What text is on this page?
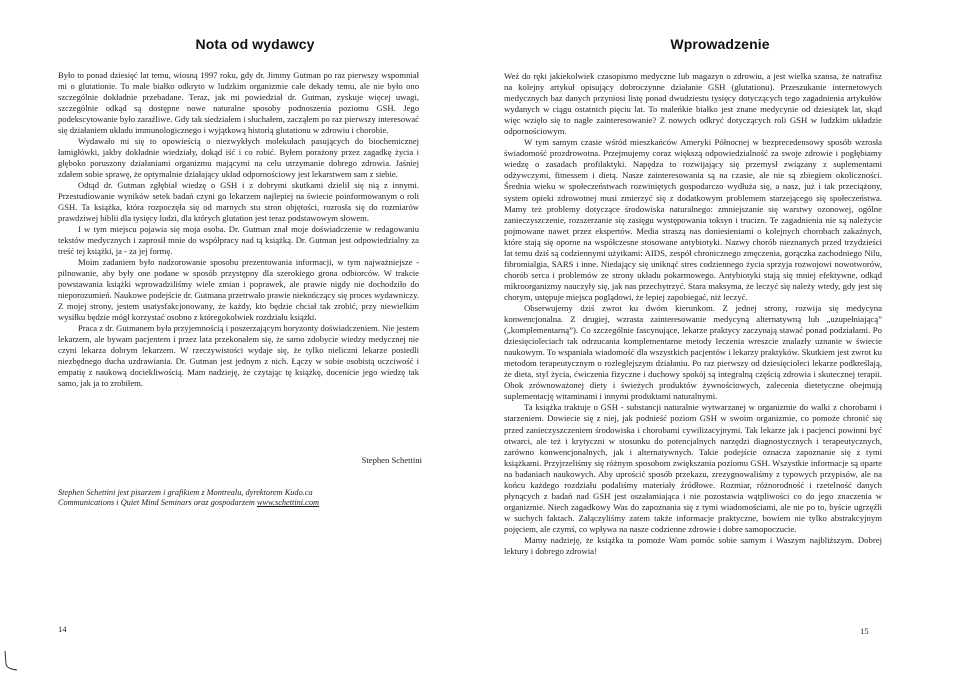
Nota od wydawcy

Było to ponad dziesięć lat temu, wiosną 1997 roku, gdy dr. Jimmy Gutman po raz pierwszy wspomniał mi o glutationie. To małe białko odkryto w ludzkim organizmie całe dekady temu, ale nie było ono szczególnie dokładnie przebadane. Teraz, jak mi powiedział dr. Gutman, zyskuje więcej uwagi, szczególnie odkąd są dostępne nowe naturalne sposoby podnoszenia poziomu GSH. Jego podekscytowanie było zaraźliwe. Gdy tak siedziałem i słuchałem, zacząłem po raz pierwszy interesować się działaniem układu immunologicznego i wyjątkową historią glutationu w zdrowiu i chorobie.

Wydawało mi się to opowieścią o niezwykłych molekułach pasujących do biochemicznej łamigłówki, jakby dokładnie wiedziały, dokąd iść i co robić. Byłem porażony przez zagadkę życia i głęboko poruszony działaniami organizmu mającymi na celu utrzymanie dobrego zdrowia. Jaśniej zdałem sobie sprawę, że optymalnie działający układ odpornościowy jest lekarstwem sam z siebie.

Odtąd dr. Gutman zgłębiał wiedzę o GSH i z dobrymi skutkami dzielił się nią z innymi. Przestudiowanie wyników setek badań czyni go lekarzem najlepiej na świecie poinformowanym o roli GSH. Ta książka, która rozpoczęła się od marnych stu stron objętości, rozrosła się do rozmiarów prawdziwej biblii dla tysięcy ludzi, dla których glutation jest teraz podstawowym słowem.

I w tym miejscu pojawia się moja osoba. Dr. Gutman znał moje doświadczenie w redagowaniu tekstów medycznych i zaprosił mnie do współpracy nad tą książką. Dr. Gutman jest odpowiedzialny za treść tej książki, ja - za jej formę.

Moim zadaniem było nadzorowanie sposobu prezentowania informacji, w tym najważniejsze - pilnowanie, aby były one podane w sposób przystępny dla szerokiego grona odbiorców. W trakcie powstawania książki wprowadziliśmy wiele zmian i poprawek, ale prawie nigdy nie dochodziło do nieporozumień. Naukowe podejście dr. Gutmana przetrwało prawie niekończący się proces wydawniczy. Z mojej strony, jestem usatysfakcjonowany, że każdy, kto będzie chciał tak zrobić, przy niewielkim wysiłku będzie mógł korzystać osobno z któregokolwiek rozdziału książki.

Praca z dr. Gutmanem była przyjemnością i poszerzającym horyzonty doświadczeniem. Nie jestem lekarzem, ale bywam pacjentem i przez lata przekonałem się, że samo zdobycie wiedzy medycznej nie czyni lekarza dobrym lekarzem. W rzeczywistości wydaje się, że tylko nieliczni lekarze posiedli niezbędnego ducha uzdrawiania. Dr. Gutman jest jednym z nich. Łączy w sobie osobistą uczciwość i empatię z naukową dociekliwością. Mam nadzieję, że czytając tę książkę, docenicie jego wiedzę tak samo, jak ja to zrobiłem.

Stephen Schettini
Stephen Schettini jest pisarzem i grafikiem z Montrealu, dyrektorem Kudo.ca Communications i Quiet Mind Seminars oraz gospodarzem www.schettini.com
14
Wprowadzenie

Weź do ręki jakiekolwiek czasopismo medyczne lub magazyn o zdrowiu, a jest wielka szansa, że natrafisz na kolejny artykuł opisujący dobroczynne działanie GSH (glutationu). Przeszukanie internetowych medycznych baz danych przyniosi listę ponad dwudziestu tysięcy dotyczących tego zagadnienia artykułów wydanych w ciągu ostatnich pięciu lat. To maleńkie białko jest znane medycynie od dziesiątek lat, skąd więc wzięło się to nagłe zainteresowanie? Z nowych odkryć dotyczących roli GSH w ludzkim układzie odpornościowym.

W tym samym czasie wśród mieszkańców Ameryki Północnej w bezprecedensowy sposób wzrosła świadomość prozdrowotna. Przejmujemy coraz większą odpowiedzialność za swoje zdrowie i pogłębiamy wiedzę o zasadach profilaktyki. Napędza to rozwijający się przemysł związany z suplementami odżywczymi, fitnessem i dietą. Nasze zainteresowania są na czasie, ale nie są zbiegiem okoliczności. Średnia wieku w społeczeństwach rozwiniętych gospodarczo wydłuża się, a nasz, już i tak przeciążony, system opieki zdrowotnej musi zmierzyć się z dodatkowym problemem starzejącego się społeczeństwa. Mamy też problemy dotyczące środowiska naturalnego: zmniejszanie się warstwy ozonowej, ogólne zanieczyszczenie, rozszerzanie się zasięgu występowania toksyn i trucizn. Te zagadnienia nie są należycie pojmowane nawet przez ekspertów. Media straszą nas doniesieniami o kolejnych chorobach zakaźnych, które stają się oporne na współczesne stosowane antybiotyki. Nazwy chorób nieznanych przed trzydzieści lat temu dziś są codziennymi użytkami: AIDS, zespół chronicznego zmęczenia, gorączka zachodniego Nilu, fibromialgia, SARS i inne. Niedający się uniknąć stres codziennego życia sprzyja rozwojowi nowotworów, chorób serca i problemów ze strony układu pokarmowego. Antybiotyki stają się mniej efektywne, odkąd mikroorganizmy nauczyły się, jak nas przechytrzyć. Stara maksyma, że leczyć się należy wtedy, gdy jest się chorym, ustępuje miejsca poglądowi, że lepiej zapobiegać, niż leczyć.

Obserwujemy dziś zwrot ku dwóm kierunkom. Z jednej strony, rozwija się medycyna konwencjonalna. Z drugiej, wzrasta zainteresowanie medycyną alternatywną lub „uzupełniającą” („komplementarną”). Co szczególnie fascynujące, lekarze praktycy zaczynają stawać ponad podziałami. Po dziesięcioleciach tak odrzucania komplementarne metody leczenia wreszcie znalazły uznanie w świecie naukowym. To wspaniała wiadomość dla wszystkich pacjentów i lekarzy praktyków. Skutkiem jest zwrot ku metodom terapeutycznym o rozleglejszym działaniu. Po raz pierwszy od dziesięcioleci lekarze podkreślają, że dieta, styl życia, ćwiczenia fizyczne i duchowy spokój są integralną częścią zdrowia i skutecznej terapii. Obok zrównoważonej diety i świeżych produktów żywnościowych, zalecenia dietetyczne obejmują suplementację witaminami i innymi produktami naturalnymi.

Ta książka traktuje o GSH - substancji naturalnie wytwarzanej w organizmie do walki z chorobami i starzeniem. Dowiecie się z niej, jak podnieść poziom GSH w swoim organizmie, co pomoże chronić się przed zanieczyszczeniem środowiska i chorobami cywilizacyjnymi. Tak lekarze jak i pacjenci powinni być otwarci, ale też i krytyczni w stosunku do potencjalnych narzędzi diagnostycznych i terapeutycznych, zarówno konwencjonalnych, jak i alternatywnych. Takie podejście oznacza zapoznanie się z tymi książkami. Przyjrzeliśmy się różnym sposobom zwiększania poziomu GSH. Wszystkie informacje są oparte na badaniach naukowych. Aby uprościć sposób przekazu, zrezygnowaliśmy z typowych przypisów, ale na końcu każdego rozdziału podaliśmy materiały źródłowe. Rozmiar, różnorodność i rzetelność danych płynących z badań nad GSH jest oszałamiająca i nie pozostawia wątpliwości co do jego znaczenia w organizmie. Niech zagadkowy Was do zapoznania się z tymi wiadomościami, ale nie po to, byście ugrzęźli w suchych faktach. Załączyliśmy zatem także informacje praktyczne, bowiem nie tylko abstrakcyjnym pojęciem, ale czymś, co wpływa na nasze codzienne zdrowie i dobre samopoczucie.

Mamy nadzieję, że książka ta pomoże Wam pomóc sobie samym i Waszym najbliższym. Dobrej lektury i dobrego zdrowia!

15
